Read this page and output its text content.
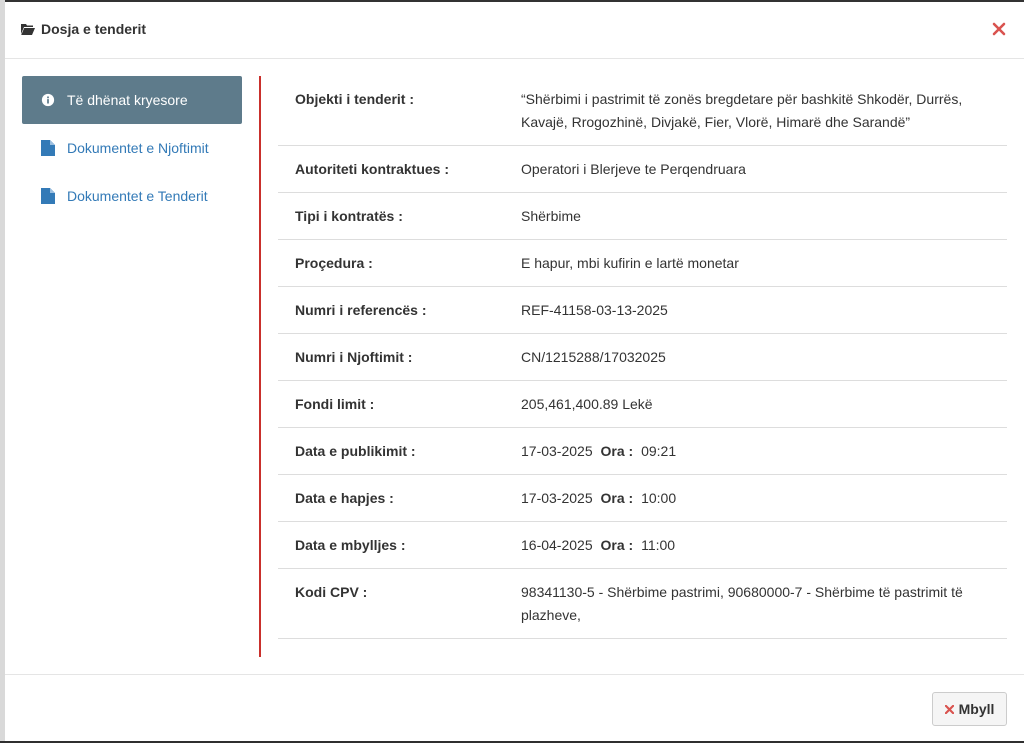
Dosja e tenderit
Të dhënat kryesore
Dokumentet e Njoftimit
Dokumentet e Tenderit
Objekti i tenderit :	“Shërbimi i pastrimit të zonës bregdetare për bashkitë Shkodër, Durrës, Kavajë, Rrogozhinë, Divjakë, Fier, Vlorë, Himarë dhe Sarandë”
Autoriteti kontraktues :	Operatori i Blerjeve te Perqendruara
Tipi i kontratës :	Shërbime
Proçedura :	E hapur, mbi kufirin e lartë monetar
Numri i referencës :	REF-41158-03-13-2025
Numri i Njoftimit :	CN/1215288/17032025
Fondi limit :	205,461,400.89 Lekë
Data e publikimit :	17-03-2025 Ora : 09:21
Data e hapjes :	17-03-2025 Ora : 10:00
Data e mbylljes :	16-04-2025 Ora : 11:00
Kodi CPV :	98341130-5 - Shërbime pastrimi, 90680000-7 - Shërbime të pastrimit të plazheve,
Mbyll
